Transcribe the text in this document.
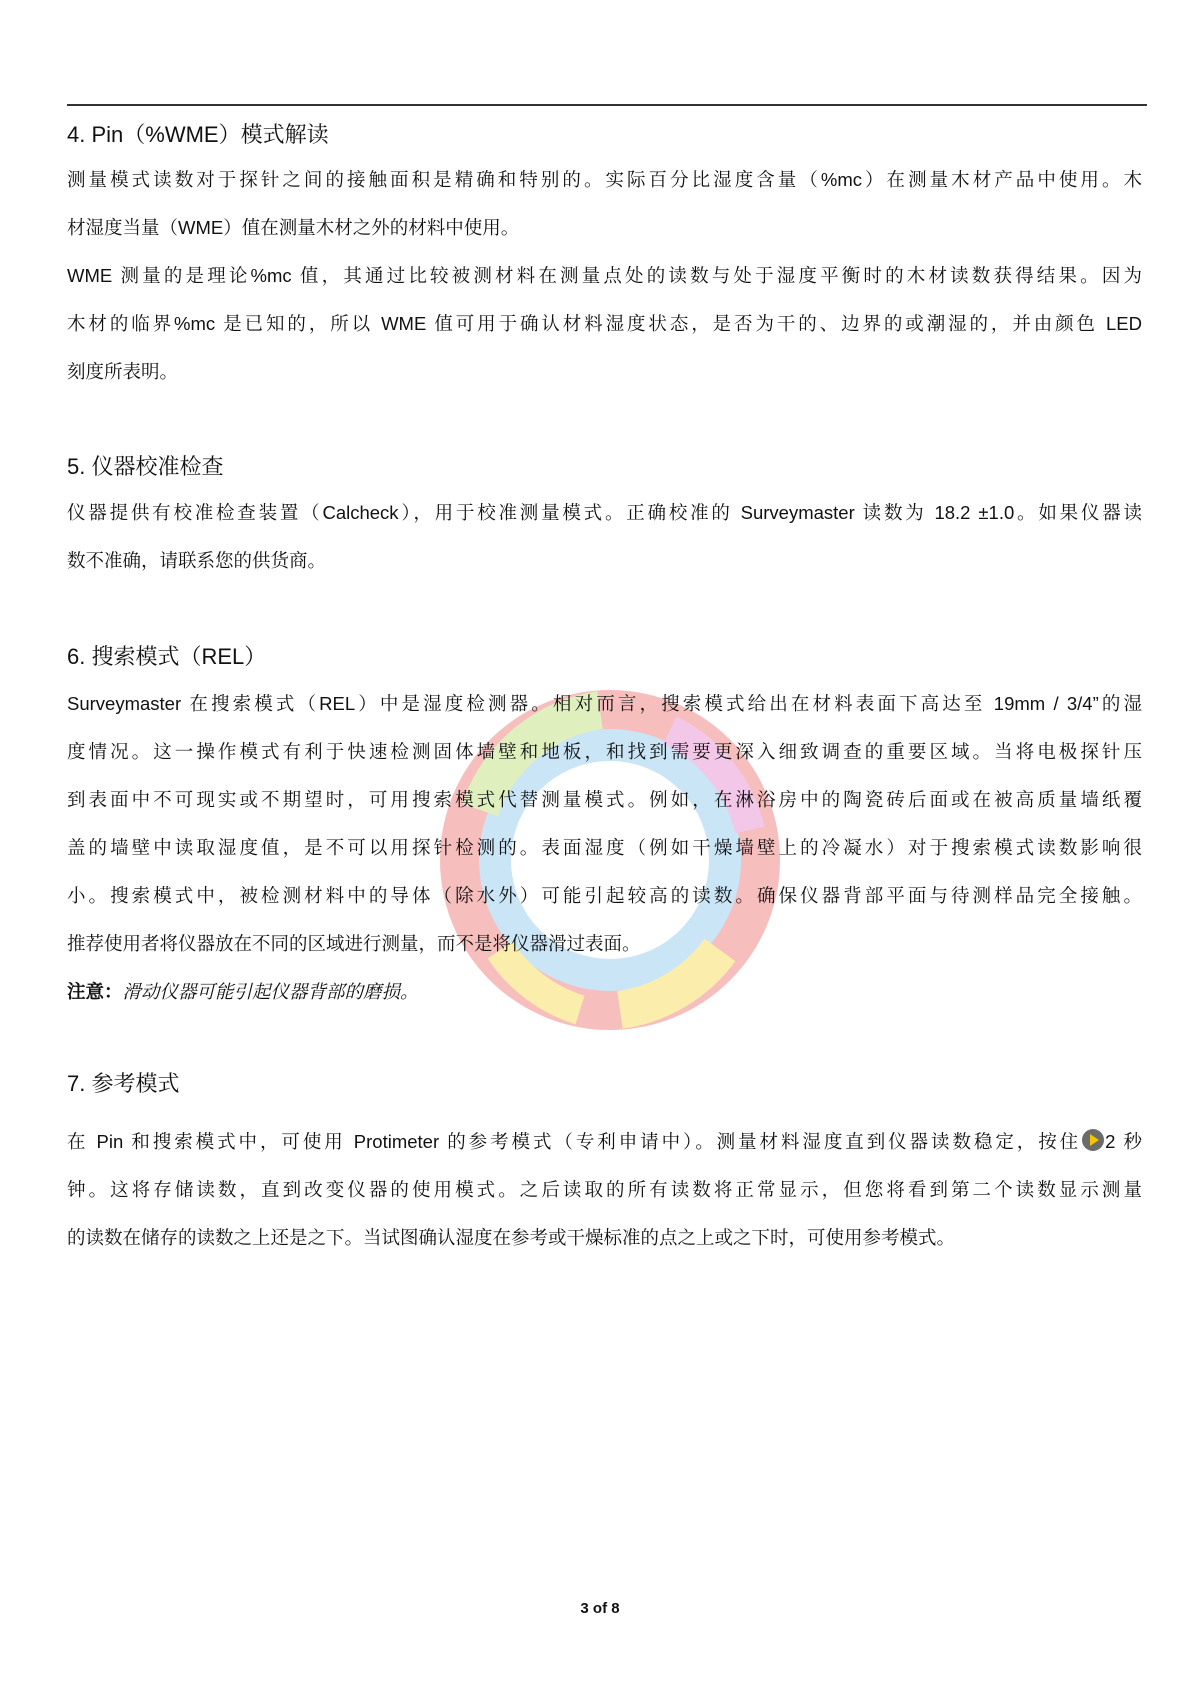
4. Pin（%WME）模式解读
测量模式读数对于探针之间的接触面积是精确和特别的。实际百分比湿度含量（%mc）在测量木材产品中使用。木
材湿度当量（WME）值在测量木材之外的材料中使用。
WME 测量的是理论%mc 值，其通过比较被测材料在测量点处的读数与处于湿度平衡时的木材读数获得结果。因为
木材的临界%mc 是已知的，所以 WME 值可用于确认材料湿度状态，是否为干的、边界的或潮湿的，并由颜色 LED
刻度所表明。
5. 仪器校准检查
仪器提供有校准检查装置（Calcheck），用于校准测量模式。正确校准的 Surveymaster 读数为 18.2 ±1.0。如果仪器读
数不准确，请联系您的供货商。
6. 搜索模式（REL）
Surveymaster 在搜索模式（REL）中是湿度检测器。相对而言，搜索模式给出在材料表面下高达至 19mm / 3/4”的湿
度情况。这一操作模式有利于快速检测固体墙壁和地板，和找到需要更深入细致调查的重要区域。当将电极探针压
到表面中不可现实或不期望时，可用搜索模式代替测量模式。例如，在淋浴房中的陶瓷砖后面或在被高质量墙纸覆
盖的墙壁中读取湿度值，是不可以用探针检测的。表面湿度（例如干燥墙壁上的冷凝水）对于搜索模式读数影响很
小。搜索模式中，被检测材料中的导体（除水外）可能引起较高的读数。确保仪器背部平面与待测样品完全接触。
推荐使用者将仪器放在不同的区域进行测量，而不是将仪器滑过表面。
注意：滑动仪器可能引起仪器背部的磨损。
7. 参考模式
在 Pin 和搜索模式中，可使用 Protimeter 的参考模式（专利申请中）。测量材料湿度直到仪器读数稳定，按住 2 秒
钟。这将存储读数，直到改变仪器的使用模式。之后读取的所有读数将正常显示，但您将看到第二个读数显示测量
的读数在储存的读数之上还是之下。当试图确认湿度在参考或干燥标准的点之上或之下时，可使用参考模式。
3 of 8
